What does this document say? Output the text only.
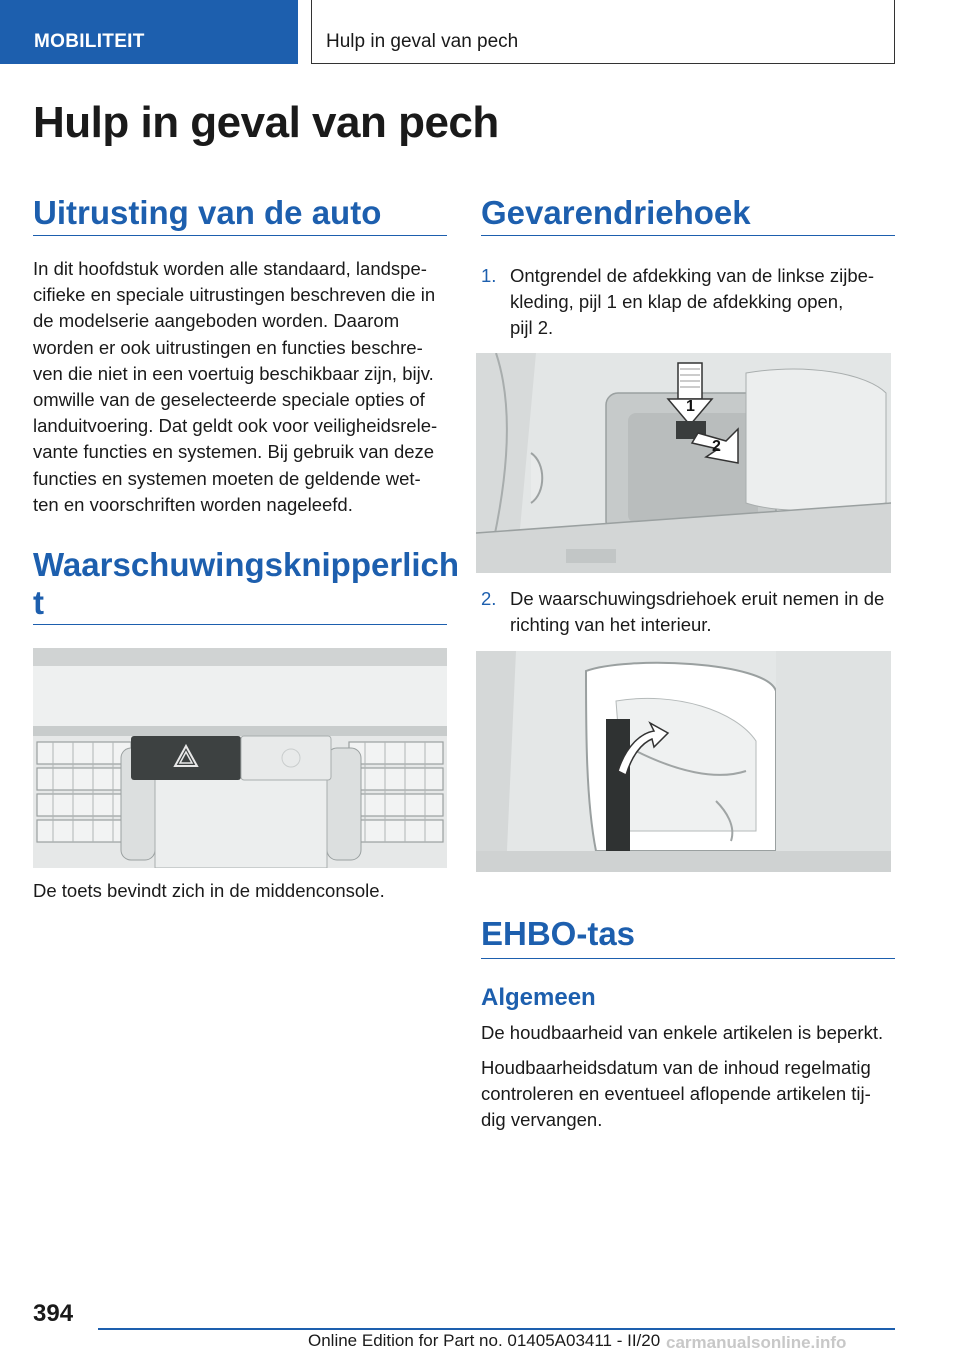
MOBILITEIT	Hulp in geval van pech
Hulp in geval van pech
Uitrusting van de auto

In dit hoofdstuk worden alle standaard, landspe-
cifieke en speciale uitrustingen beschreven die in
de modelserie aangeboden worden. Daarom
worden er ook uitrustingen en functies beschre-
ven die niet in een voertuig beschikbaar zijn, bijv.
omwille van de geselecteerde speciale opties of
landuitvoering. Dat geldt ook voor veiligheidsrele-
vante functies en systemen. Bij gebruik van deze
functies en systemen moeten de geldende wet-
ten en voorschriften worden nageleefd.

Waarschuwingsknipperlich
t

De toets bevindt zich in de middenconsole.

Gevarendriehoek
1. Ontgrendel de afdekking van de linkse zijbe-
kleding, pijl 1 en klap de afdekking open,
pijl 2.
1
2
2. De waarschuwingsdriehoek eruit nemen in de
richting van het interieur.
EHBO-tas
Algemeen

De houdbaarheid van enkele artikelen is beperkt.

Houdbaarheidsdatum van de inhoud regelmatig
controleren en eventueel aflopende artikelen tij-
dig vervangen.

394
Online Edition for Part no. 01405A03411 - II/20 carmanualsonline.info
